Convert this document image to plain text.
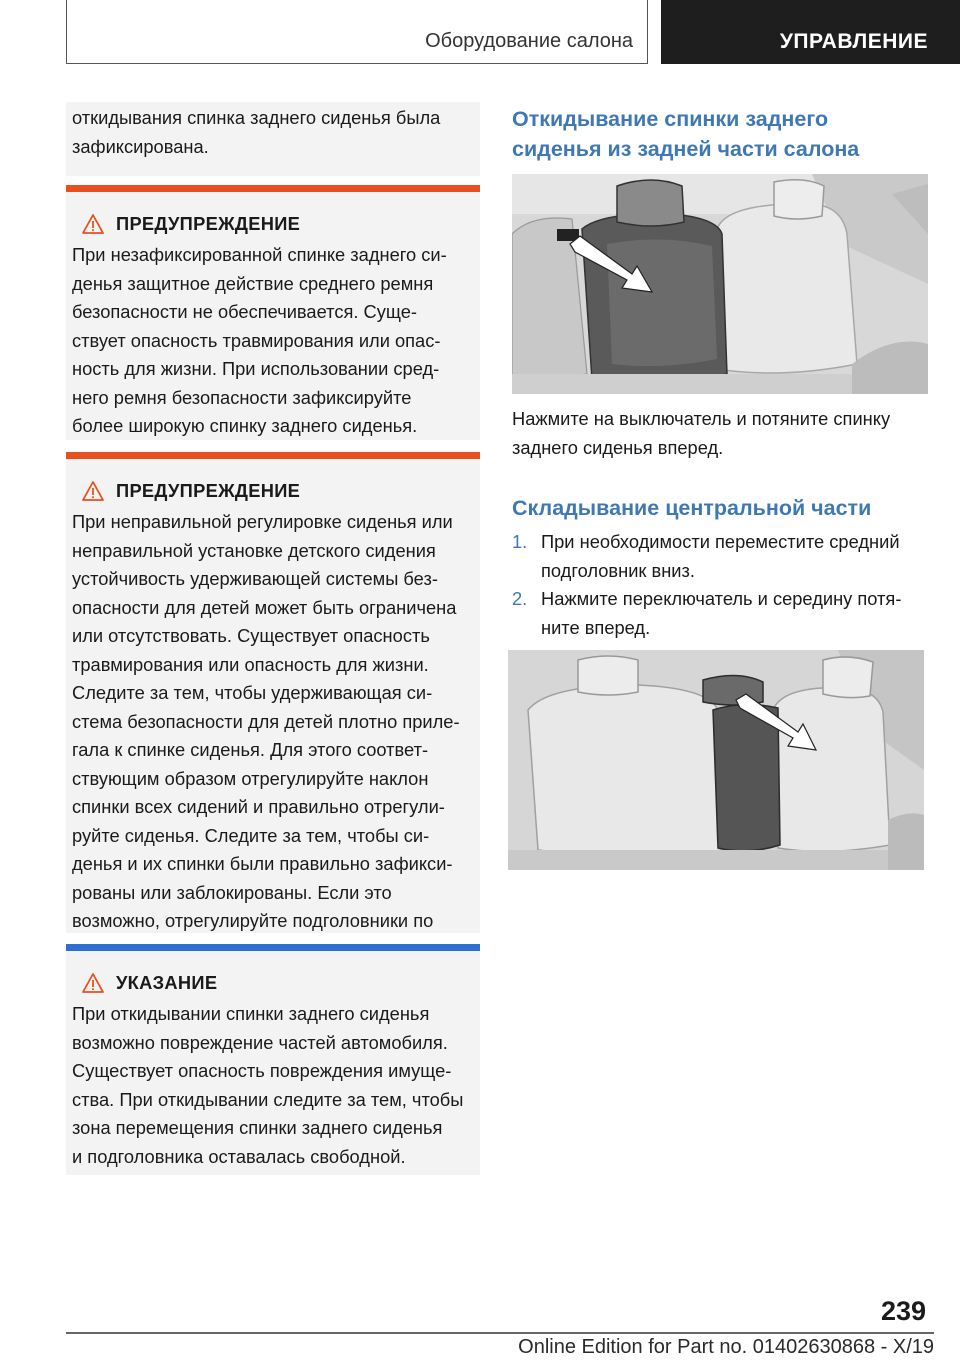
Оборудование салона	УПРАВЛЕНИЕ

откидывания спинка заднего сиденья была

зафиксирована.

ПРЕДУПРЕЖДЕНИЕ

При незафиксированной спинке заднего си-

денья защитное действие среднего ремня

безопасности не обеспечивается. Суще-

ствует опасность травмирования или опас-

ность для жизни. При использовании сред-

него ремня безопасности зафиксируйте

более широкую спинку заднего сиденья.

ПРЕДУПРЕЖДЕНИЕ

При неправильной регулировке сиденья или

неправильной установке детского сидения

устойчивость удерживающей системы без-

опасности для детей может быть ограничена

или отсутствовать. Существует опасность

травмирования или опасность для жизни.

Следите за тем, чтобы удерживающая си-

стема безопасности для детей плотно приле-

гала к спинке сиденья. Для этого соответ-

ствующим образом отрегулируйте наклон

спинки всех сидений и правильно отрегули-

руйте сиденья. Следите за тем, чтобы си-

денья и их спинки были правильно зафикси-

рованы или заблокированы. Если это

возможно, отрегулируйте подголовники по

УКАЗАНИЕ

При откидывании спинки заднего сиденья

возможно повреждение частей автомобиля.

Существует опасность повреждения имуще-

ства. При откидывании следите за тем, чтобы

зона перемещения спинки заднего сиденья

и подголовника оставалась свободной.

Откидывание спинки заднего
сиденья из задней части салона
Нажмите на выключатель и потяните спинку
заднего сиденья вперед.
Складывание центральной части
1. При необходимости переместите средний
подголовник вниз.
2. Нажмите переключатель и середину потя-
ните вперед.
239
Online Edition for Part no. 01402630868 - X/19
